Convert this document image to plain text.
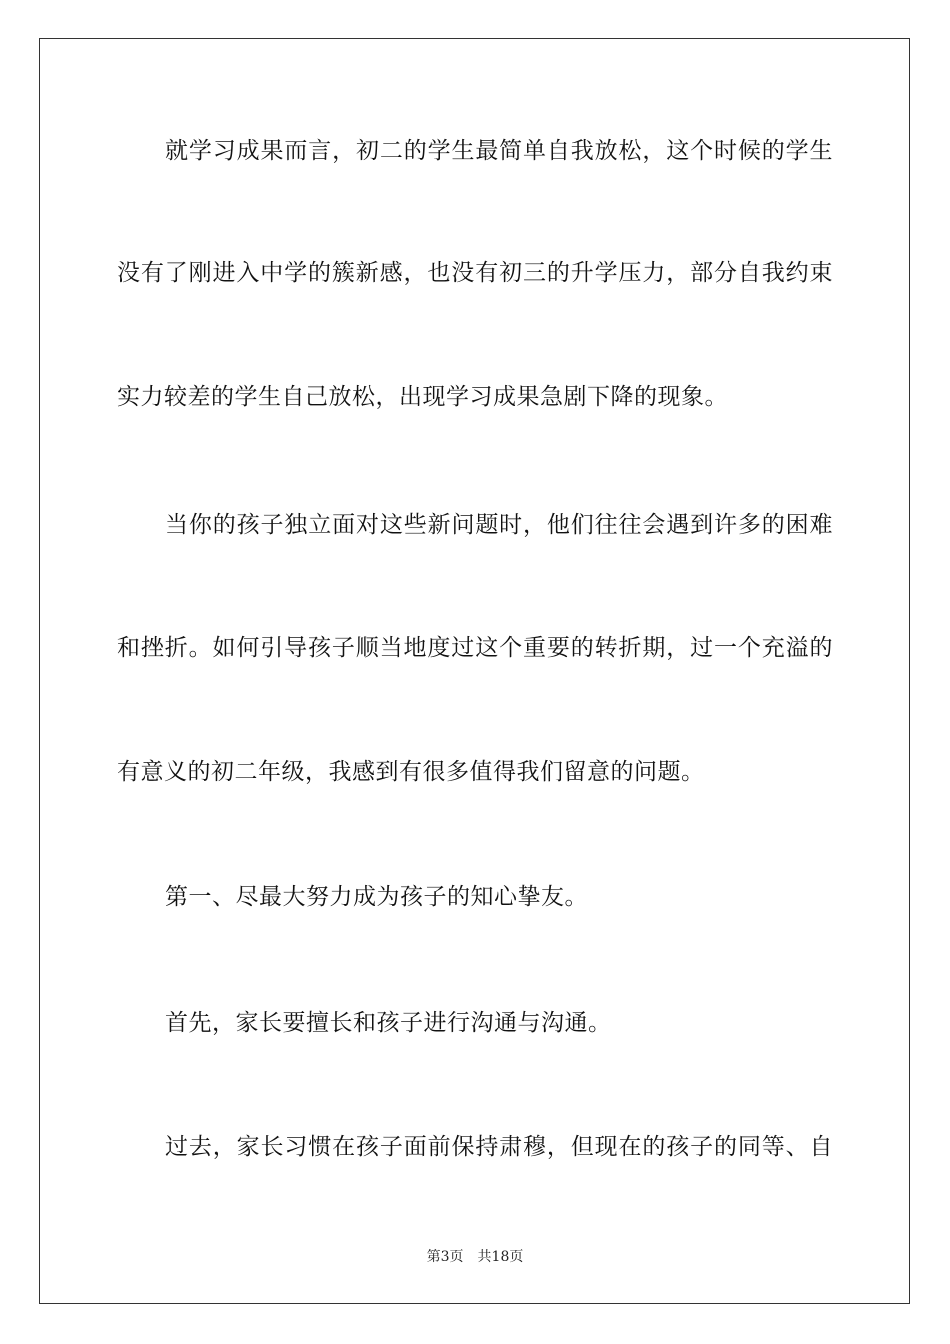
就学习成果而言，初二的学生最简单自我放松，这个时候的学生
没有了刚进入中学的簇新感，也没有初三的升学压力，部分自我约束
实力较差的学生自己放松，出现学习成果急剧下降的现象。
当你的孩子独立面对这些新问题时，他们往往会遇到许多的困难
和挫折。如何引导孩子顺当地度过这个重要的转折期，过一个充溢的
有意义的初二年级，我感到有很多值得我们留意的问题。
第一、尽最大努力成为孩子的知心挚友。
首先，家长要擅长和孩子进行沟通与沟通。
过去，家长习惯在孩子面前保持肃穆，但现在的孩子的同等、自
第3页 共18页
